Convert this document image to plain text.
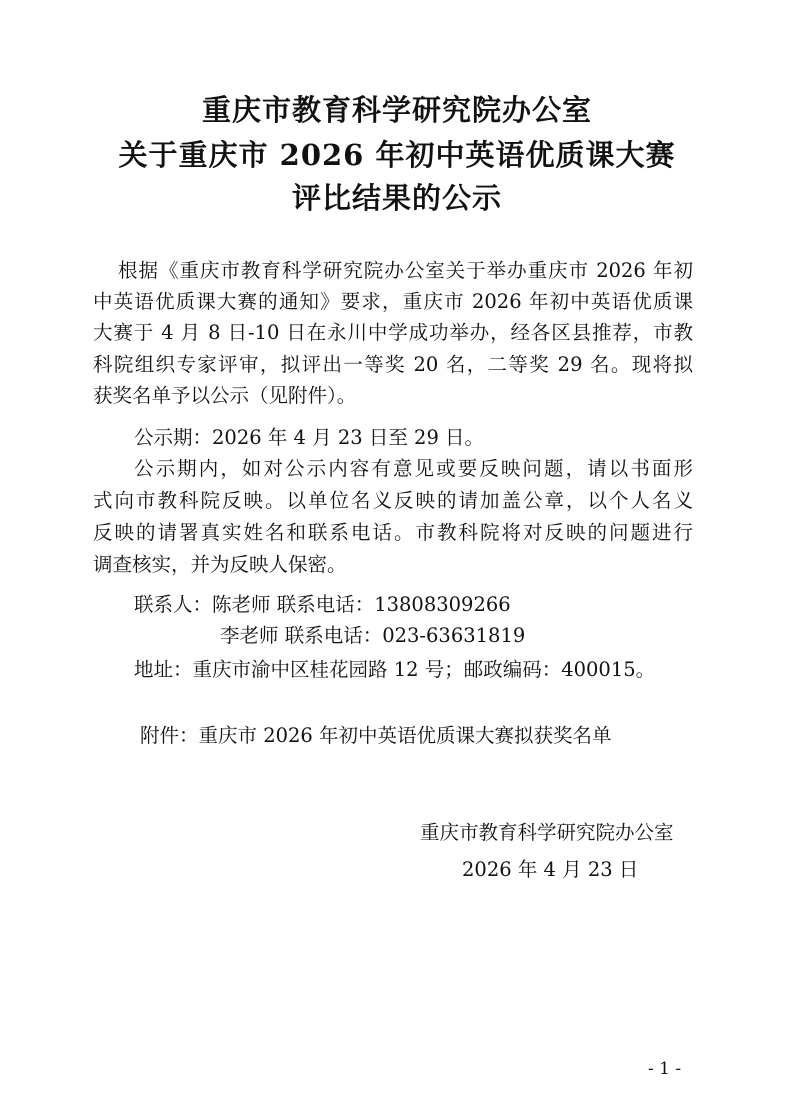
重庆市教育科学研究院办公室
关于重庆市 2026 年初中英语优质课大赛
评比结果的公示
根据《重庆市教育科学研究院办公室关于举办重庆市 2026 年初
中英语优质课大赛的通知》要求，重庆市 2026 年初中英语优质课
大赛于 4 月 8 日-10 日在永川中学成功举办，经各区县推荐，市教
科院组织专家评审，拟评出一等奖 20 名，二等奖 29 名。现将拟
获奖名单予以公示（见附件）。
公示期：2026 年 4 月 23 日至 29 日。
公示期内，如对公示内容有意见或要反映问题，请以书面形
式向市教科院反映。以单位名义反映的请加盖公章，以个人名义
反映的请署真实姓名和联系电话。市教科院将对反映的问题进行
调查核实，并为反映人保密。
联系人：陈老师 联系电话：13808309266
李老师 联系电话：023-63631819
地址：重庆市渝中区桂花园路 12 号；邮政编码：400015。
附件：重庆市 2026 年初中英语优质课大赛拟获奖名单
重庆市教育科学研究院办公室
2026 年 4 月 23 日
- 1 -
